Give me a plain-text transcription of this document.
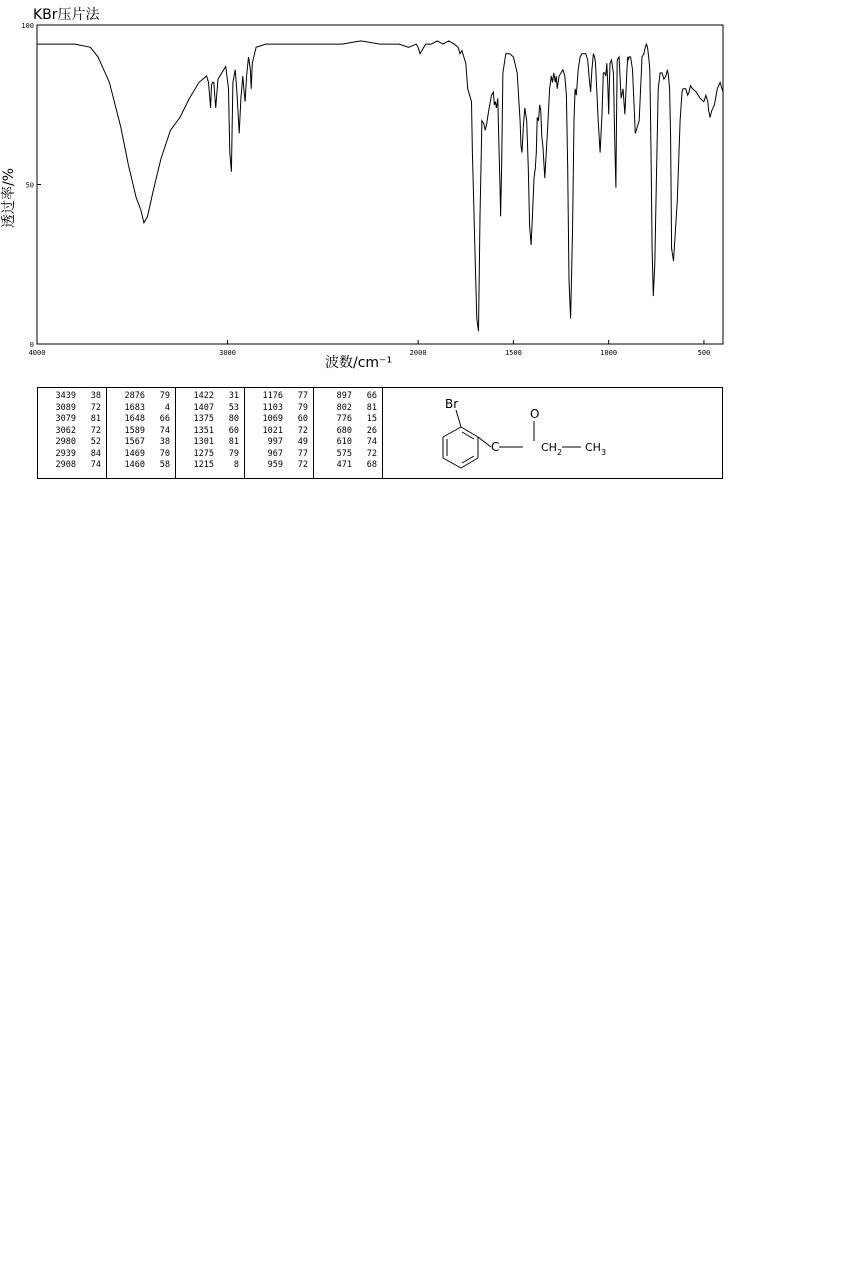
KBr压片法
4000	3000	2000	1500	1000	500
100
50
0
波数/cm⁻¹
透过率/%
3439	38
3089	72
3079	81
3062	72
2980	52
2939	84
2908	74
2876	79
1683	4
1648	66
1589	74
1567	38
1469	70
1460	58
1422	31
1407	53
1375	80
1351	60
1301	81
1275	79
1215	8
1176	77
1103	79
1069	60
1021	72
997	49
967	77
959	72
897	66
802	81
776	15
680	26
610	74
575	72
471	68
Br
O
C	$CH_2$ $CH_3$
